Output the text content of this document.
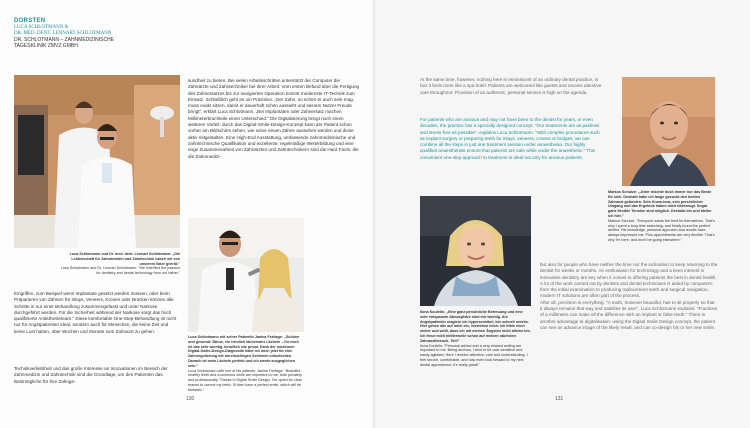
DORSTEN
LUCA SCHLOTMANN &
DR. MED. DENT. LENNART SCHLOTMANN
DR. SCHLOTMANN – ZAHNMEDIZINISCHE
TAGESKLINIK ZMVZ GMBH
Luca Schlotmann und Dr. med. dent. Lennart Schlotmann: „Die Leidenschaft für Zahnmedizin und Zahntechnik haben wir von unserem Vater geerbt."
Luca Schlotmann and Dr. Lennart Schlotmann: "We inherited the passion for dentistry and dental technology from our father."
Eingriffen, zum Beispiel wenn Implantate gesetzt werden müssen, oder beim Präparieren von Zähnen für Inlays, Veneers, Kronen oder Brücken können alle Schritte in nur einer Behandlung zusammengefasst und unter Narkose durchgeführt werden. Für die Sicherheit während der Narkose sorgt das hoch qualifizierte Anästhesieteam." Diese komfortable One-Step-Behandlung ist nicht nur für Angstpatienten ideal, sondern auch für Menschen, die keine Zeit und keine Lust haben, über Wochen und Monate zum Zahnarzt zu gehen.
Technikverliebtheit und das große Interesse an Innovationen im Bereich der Zahnmedizin und Zahntechnik sind die Grundlage, um den Patienten das Bestmögliche für ihre Zahnge-
sundheit zu bieten. Bei vielen Arbeitsschritten unterstützt der Computer die Zahnärzte und Zahntechniker bei ihrer Arbeit: Vom ersten Befund über die Fertigung des Zahnersatzes bis zur navigierten Operation kommt modernste IT-Technik zum Einsatz. Schließlich geht es um Präzision. „Der Zahn, so schön er auch sein mag, muss exakt sitzen, damit er dauerhaft schön aussieht und seinem Nutzer Freude bringt", erklärt Luca Schlotmann. „Bei Implantaten oder Zahnersatz machen Millimeterbruchteile einen Unterschied." Die Digitalisierung bringt noch einen weiteren Vorteil: durch das Digital-Smile-Design-Konzept kann der Patient schon vorher am Bildschirm sehen, wie seine neuen Zähne aussehen werden und diese aktiv mitgestalten. Eine High-End Ausstattung, umfassende zahnmedizinische und zahntechnische Qualifikation und exzellente, regelmäßige Weiterbildung und eine enge Zusammenarbeit von Zahnärzten und Zahntechnikern sind die Hard Facts, die die Zahnmedizi-
Luca Schlotmann mit seiner Patientin Janina Fertlage: „Schöne und gesunde Zähne, ein herzlich lächelndes Lächeln – für mich ist das sehr wichtig, beruflich wie privat. Dank der modernen Digital-Smile-Design-Diagnostik habe ich mich jetzt für eine Zahnregulierung mit durchsichtigen Schienen entschieden. Danach ist mein Lächeln perfekt und ich werde ausgeglichen sein."
Luca Schlotmann with one of his patients, Janina Fertlage: "Beautiful, healthy teeth and a luminous smile are important to me, both privately and professionally. Thanks to Digital Smile Design, I've opted for clear braces to correct my teeth. I'll then have a perfect smile, which will be fantastic."
130
At the same time, however, nothing here is reminiscent of an ordinary dental practice, in fact it feels more like a spa hotel. Patients are welcomed like guests and receive attentive care throughout. Provision of an authentic, personal service is high on the agenda.
For patients who are anxious and may not have been to the dentist for years, or even decades, the practice has a specially designed concept. "Our treatments are as painless and stress-free as possible", explains Luca Schlotmann. "With complex procedures such as implant surgery or preparing teeth for inlays, veneers, crowns or bridges, we can combine all the steps in just one treatment session under anaesthesia. Our highly qualified anaesthetists ensure that patients are safe while under the anaesthetic." This convenient one-step approach to treatment is ideal not only for anxious patients,
Markus Schulze: „Jeder möchte doch immer nur das Beste für sich. Deshalb habe ich lange gesucht den besten Zahnarzt gefunden. Sein Know-how, sein persönlicher Umgang und das Ergebnis haben mich überzeugt. Sogar ganz flexible Termine sind möglich. Deshalb bin und bleibe ich hier."
Markus Schulze: "Everyone wants the best for themselves. That's why I spent a long time searching, and finally found the perfect dentist. His knowledge, personal approach and results have always impressed me. Plus appointments are very flexible. That's why I'm here, and won't be going elsewhere."
Ilona Koulelis: „Eine ganz persönliche Betreuung und eine sehr entspannte Atmosphäre sind mir wichtig. Als Angstpatientin reagiere ich hypersensibel, bin schnell nervös. Hier gehen alle auf mich ein, verstehen mich. Ich fühle mich sicher und weiß, dass ich mit meinen Ängsten nicht alleine bin. Ich freue mich mittlerweile schon auf meinen nächsten Zahnarztbesuch. Toll!"
Ilona Koulelis: "Personal advice and a very relaxed setting are important to me. Being anxious, I tend to be over-sensitive and easily agitated. Here I receive attention, care and understanding. I feel secure, comfortable, and now even look forward to my next dental appointment, it's really great!"
but also for people who have neither the time nor the inclination to keep returning to the dentist for weeks or months. An enthusiasm for technology and a keen interest in innovative dentistry are key when it comes to offering patients the best in dental health.
A lot of the work carried out by dentists and dental technicians is aided by computers: from the initial examination to producing replacement teeth and surgical navigation, modern IT solutions are often part of the process.
After all, precision is everything. "A tooth, however beautiful, has to sit properly so that it always remains that way and satisfies its user", Luca Schlotmann explains. "Fractions of a millimetre can make all the difference with an implant or false teeth." There is another advantage to digitalisation: using the Digital Smile Design concept, the patient can see an advance image of the likely result, and can co-design his or her new smile.
131
